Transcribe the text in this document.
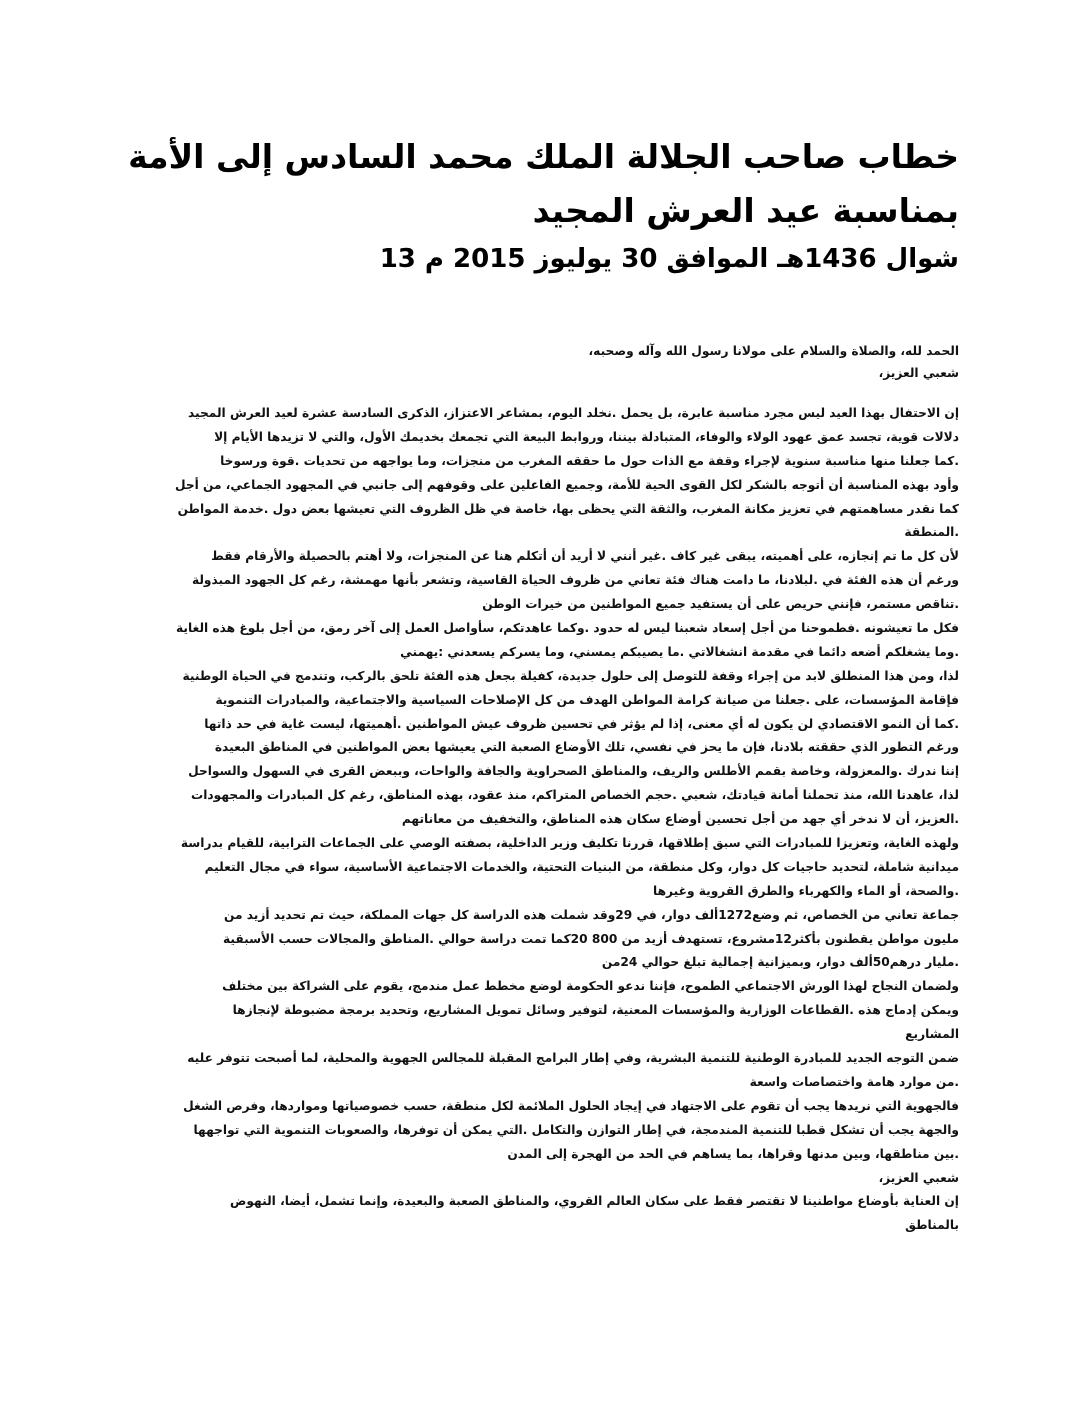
خطاب صاحب الجلالة الملك محمد السادس إلى الأمة
بمناسبة عيد العرش المجيد
شوال 1436هـ الموافق 30 يوليوز 2015 م 13
الحمد لله، والصلاة والسلام على مولانا رسول الله وآله وصحبه،
شعبي العزيز،
إن الاحتفال بهذا العيد ليس مجرد مناسبة عابرة، بل يحمل .نخلد اليوم، بمشاعر الاعتزاز، الذكرى السادسة عشرة لعيد العرش المجيد
دلالات قوية، تجسد عمق عهود الولاء والوفاء، المتبادلة بيننا، وروابط البيعة التي تجمعك بخديمك الأول، والتي لا تزيدها الأيام إلا
.كما جعلنا منها مناسبة سنوية لإجراء وقفة مع الذات حول ما حققه المغرب من منجزات، وما يواجهه من تحديات .قوة ورسوخا
وأود بهذه المناسبة أن أتوجه بالشكر لكل القوى الحية للأمة، وجميع الفاعلين على وقوفهم إلى جانبي في المجهود الجماعي، من أجل
كما نقدر مساهمتهم في تعزيز مكانة المغرب، والثقة التي يحظى بها، خاصة في ظل الظروف التي تعيشها بعض دول .خدمة المواطن
.المنطقة
لأن كل ما تم إنجازه، على أهميته، يبقى غير كاف .غير أنني لا أريد أن أتكلم هنا عن المنجزات، ولا أهتم بالحصيلة والأرقام فقط
ورغم أن هذه الفئة في .لبلادنا، ما دامت هناك فئة تعاني من ظروف الحياة القاسية، وتشعر بأنها مهمشة، رغم كل الجهود المبذولة
.تناقص مستمر، فإنني حريص على أن يستفيد جميع المواطنين من خيرات الوطن
فكل ما تعيشونه .فطموحنا من أجل إسعاد شعبنا ليس له حدود .وكما عاهدتكم، سأواصل العمل إلى آخر رمق، من أجل بلوغ هذه الغاية
.وما يشغلكم أضعه دائما في مقدمة انشغالاتي .ما يصيبكم يمسني، وما يسركم يسعدني :يهمني
لذا، ومن هذا المنطلق لابد من إجراء وقفة للتوصل إلى حلول جديدة، كفيلة بجعل هذه الفئة تلحق بالركب، وتندمج في الحياة الوطنية
فإقامة المؤسسات، على .جعلنا من صيانة كرامة المواطن الهدف من كل الإصلاحات السياسية والاجتماعية، والمبادرات التنموية
.كما أن النمو الاقتصادي لن يكون له أي معنى، إذا لم يؤثر في تحسين ظروف عيش المواطنين .أهميتها، ليست غاية في حد ذاتها
ورغم التطور الذي حققته بلادنا، فإن ما يحز في نفسي، تلك الأوضاع الصعبة التي يعيشها بعض المواطنين في المناطق البعيدة
إننا ندرك .والمعزولة، وخاصة بقمم الأطلس والريف، والمناطق الصحراوية والجافة والواحات، وببعض القرى في السهول والسواحل
لذا، عاهدنا الله، منذ تحملنا أمانة قيادتك، شعبي .حجم الخصاص المتراكم، منذ عقود، بهذه المناطق، رغم كل المبادرات والمجهودات
.العزيز، أن لا ندخر أي جهد من أجل تحسين أوضاع سكان هذه المناطق، والتخفيف من معاناتهم
ولهذه الغاية، وتعزيزا للمبادرات التي سبق إطلاقها، قررنا تكليف وزير الداخلية، بصفته الوصي على الجماعات الترابية، للقيام بدراسة
ميدانية شاملة، لتحديد حاجيات كل دوار، وكل منطقة، من البنيات التحتية، والخدمات الاجتماعية الأساسية، سواء في مجال التعليم
.والصحة، أو الماء والكهرباء والطرق القروية وغيرها
جماعة تعاني من الخصاص، ثم وضع1272ألف دوار، في 29وقد شملت هذه الدراسة كل جهات المملكة، حيث تم تحديد أزيد من
مليون مواطن يقطنون بأكثر12مشروع، تستهدف أزيد من 800 20كما تمت دراسة حوالي .المناطق والمجالات حسب الأسبقية
.مليار درهم50ألف دوار، وبميزانية إجمالية تبلغ حوالي 24من
ولضمان النجاح لهذا الورش الاجتماعي الطموح، فإننا ندعو الحكومة لوضع مخطط عمل مندمج، يقوم على الشراكة بين مختلف
ويمكن إدماج هذه .القطاعات الوزارية والمؤسسات المعنية، لتوفير وسائل تمويل المشاريع، وتحديد برمجة مضبوطة لإنجازها
المشاريع
ضمن التوجه الجديد للمبادرة الوطنية للتنمية البشرية، وفي إطار البرامج المقبلة للمجالس الجهوية والمحلية، لما أصبحت تتوفر عليه
.من موارد هامة واختصاصات واسعة
فالجهوية التي نريدها يجب أن تقوم على الاجتهاد في إيجاد الحلول الملائمة لكل منطقة، حسب خصوصياتها ومواردها، وفرص الشغل
والجهة يجب أن تشكل قطبا للتنمية المندمجة، في إطار التوازن والتكامل .التي يمكن أن توفرها، والصعوبات التنموية التي تواجهها
.بين مناطقها، وبين مدنها وقراها، بما يساهم في الحد من الهجرة إلى المدن
شعبي العزيز،
إن العناية بأوضاع مواطنينا لا تقتصر فقط على سكان العالم القروي، والمناطق الصعبة والبعيدة، وإنما تشمل، أيضا، النهوض
بالمناطق
